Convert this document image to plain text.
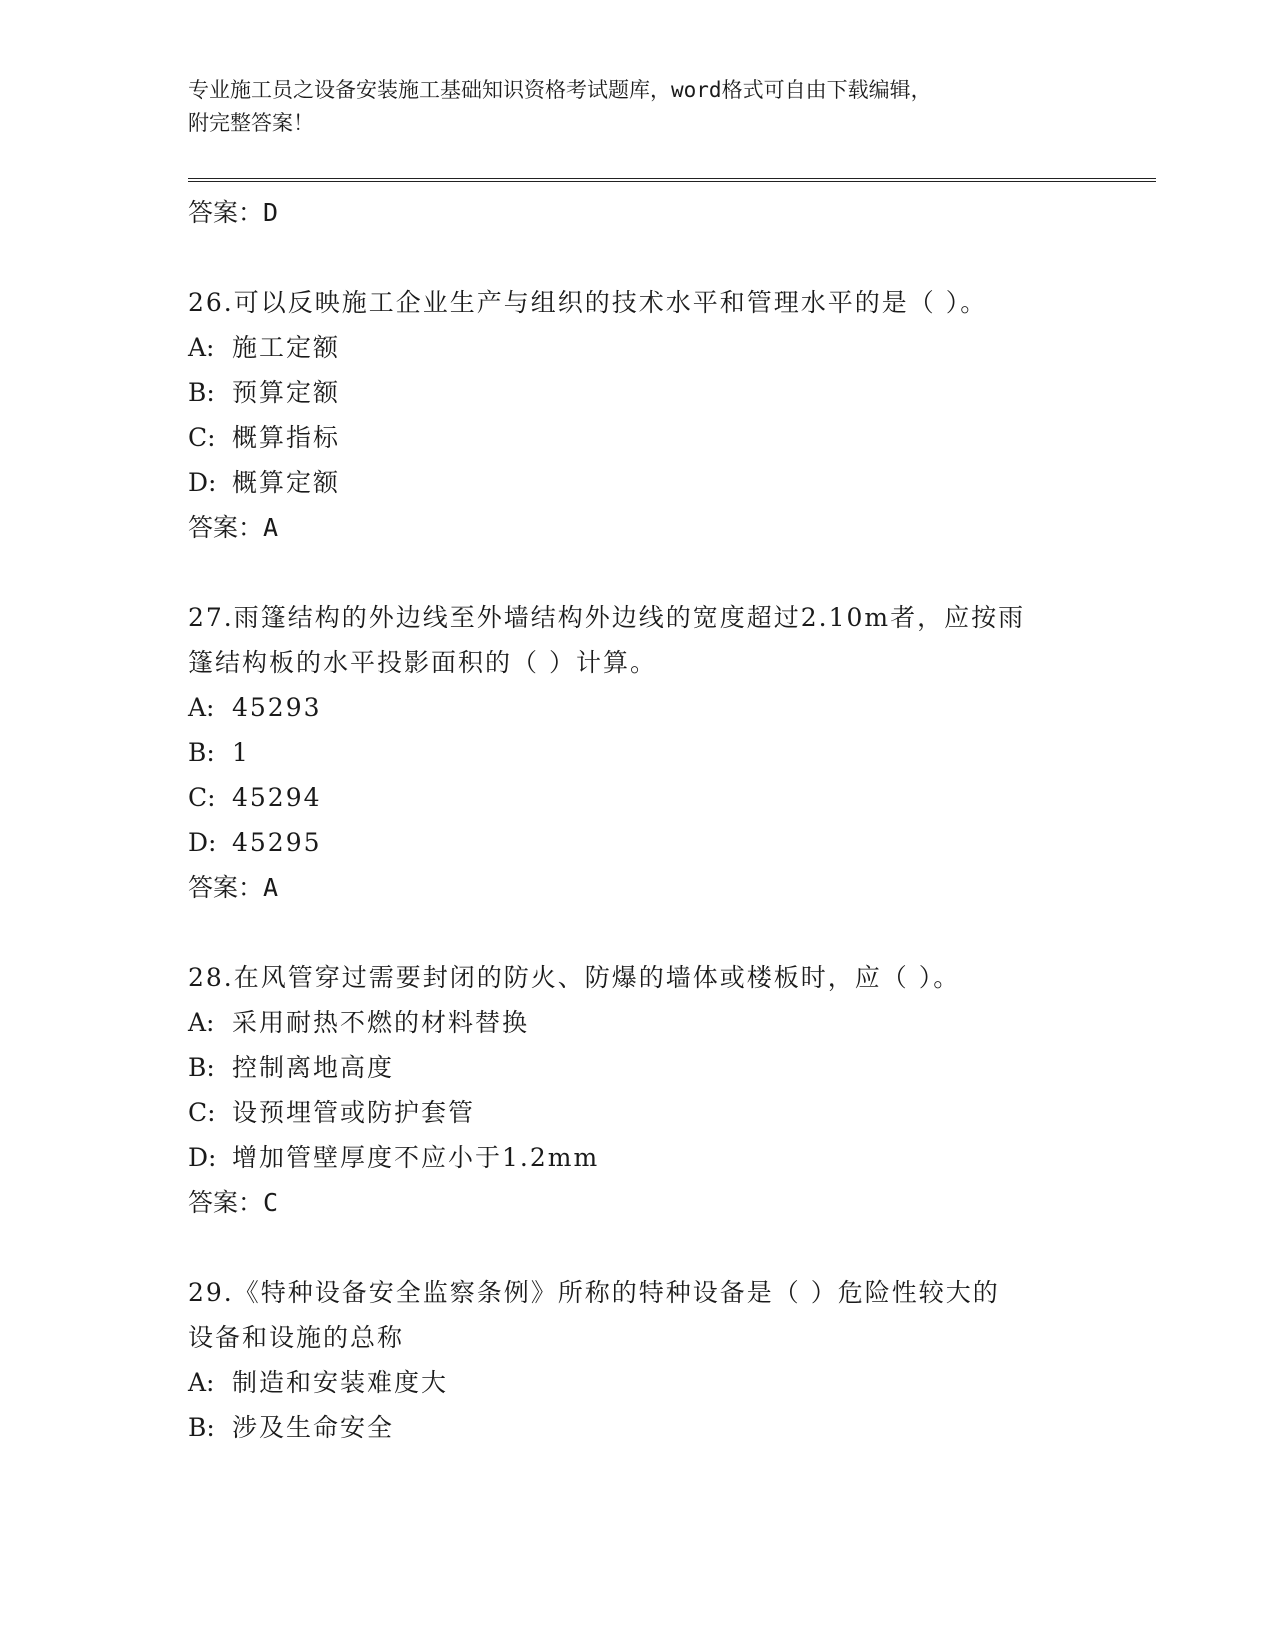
专业施工员之设备安装施工基础知识资格考试题库，word格式可自由下载编辑，
附完整答案！
答案：D
26.可以反映施工企业生产与组织的技术水平和管理水平的是（ ）。
A: 施工定额
B: 预算定额
C: 概算指标
D: 概算定额
答案：A
27.雨篷结构的外边线至外墙结构外边线的宽度超过2.10m者，应按雨
篷结构板的水平投影面积的（ ）计算。
A: 45293
B: 1
C: 45294
D: 45295
答案：A
28.在风管穿过需要封闭的防火、防爆的墙体或楼板时，应（ ）。
A: 采用耐热不燃的材料替换
B: 控制离地高度
C: 设预埋管或防护套管
D: 增加管壁厚度不应小于1.2mm
答案：C
29.《特种设备安全监察条例》所称的特种设备是（ ）危险性较大的
设备和设施的总称
A: 制造和安装难度大
B: 涉及生命安全
